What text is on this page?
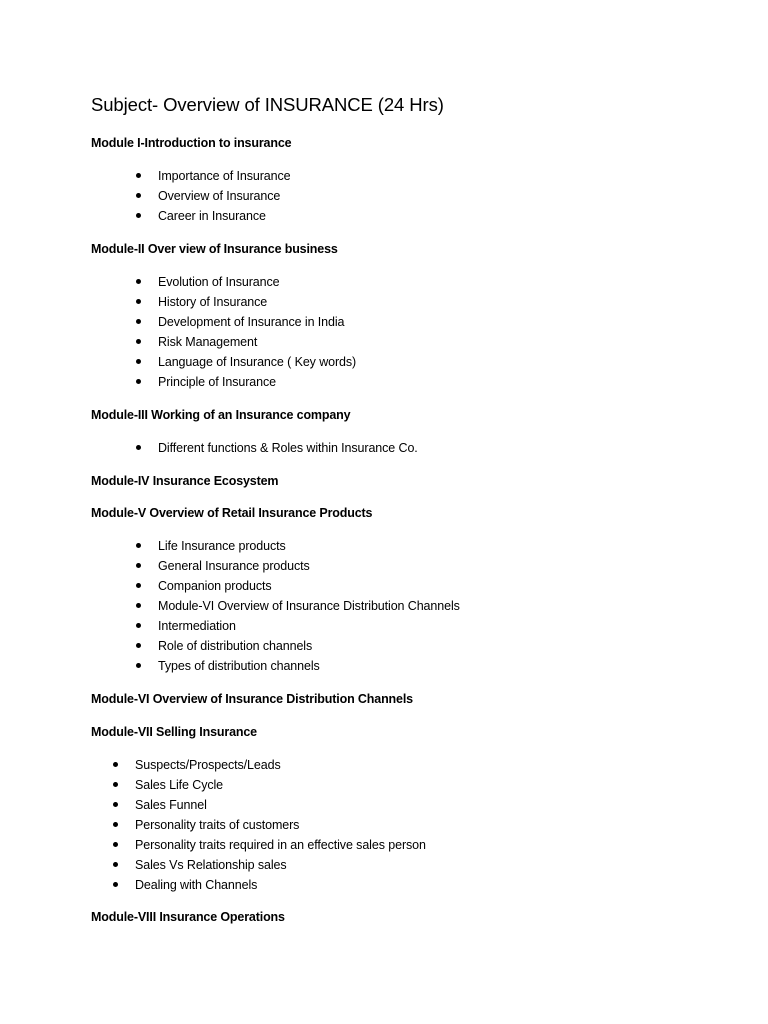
Subject- Overview of INSURANCE (24 Hrs)
Module I-Introduction to insurance
Importance of Insurance
Overview of Insurance
Career in Insurance
Module-II Over view of Insurance business
Evolution of Insurance
History of Insurance
Development of Insurance in India
Risk Management
Language of Insurance ( Key words)
Principle of Insurance
Module-III Working of an Insurance company
Different functions & Roles within Insurance Co.
Module-IV Insurance Ecosystem
Module-V Overview of Retail Insurance Products
Life Insurance products
General Insurance products
Companion products
Module-VI Overview of Insurance Distribution Channels
Intermediation
Role of distribution channels
Types of distribution channels
Module-VI Overview of Insurance Distribution Channels
Module-VII Selling Insurance
Suspects/Prospects/Leads
Sales Life Cycle
Sales Funnel
Personality traits of customers
Personality traits required in an effective sales person
Sales Vs Relationship sales
Dealing with Channels
Module-VIII Insurance Operations
